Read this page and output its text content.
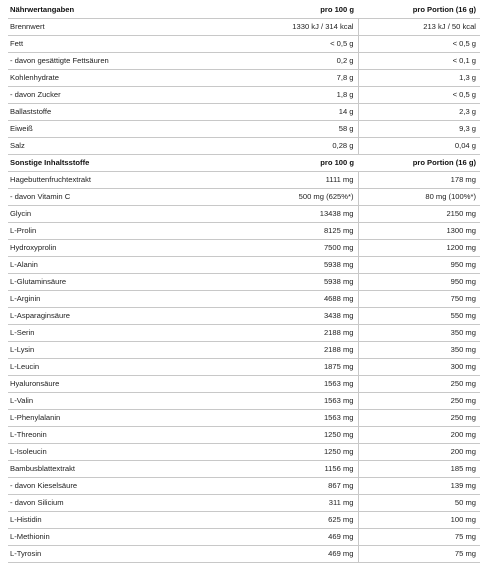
Nährwertangaben	pro 100 g	pro Portion (16 g)
Brennwert	1330 kJ / 314 kcal	213 kJ / 50 kcal
Fett	< 0,5 g	< 0,5 g
- davon gesättigte Fettsäuren	0,2 g	< 0,1 g
Kohlenhydrate	7,8 g	1,3 g
- davon Zucker	1,8 g	< 0,5 g
Ballaststoffe	14 g	2,3 g
Eiweiß	58 g	9,3 g
Salz	0,28 g	0,04 g
Sonstige Inhaltsstoffe	pro 100 g	pro Portion (16 g)
Hagebuttenfruchtextrakt	1111 mg	178 mg
- davon Vitamin C	500 mg (625%*)	80 mg (100%*)
Glycin	13438 mg	2150 mg
L-Prolin	8125 mg	1300 mg
Hydroxyprolin	7500 mg	1200 mg
L-Alanin	5938 mg	950 mg
L-Glutaminsäure	5938 mg	950 mg
L-Arginin	4688 mg	750 mg
L-Asparaginsäure	3438 mg	550 mg
L-Serin	2188 mg	350 mg
L-Lysin	2188 mg	350 mg
L-Leucin	1875 mg	300 mg
Hyaluronsäure	1563 mg	250 mg
L-Valin	1563 mg	250 mg
L-Phenylalanin	1563 mg	250 mg
L-Threonin	1250 mg	200 mg
L-Isoleucin	1250 mg	200 mg
Bambusblattextrakt	1156 mg	185 mg
- davon Kieselsäure	867 mg	139 mg
- davon Silicium	311 mg	50 mg
L-Histidin	625 mg	100 mg
L-Methionin	469 mg	75 mg
L-Tyrosin	469 mg	75 mg
